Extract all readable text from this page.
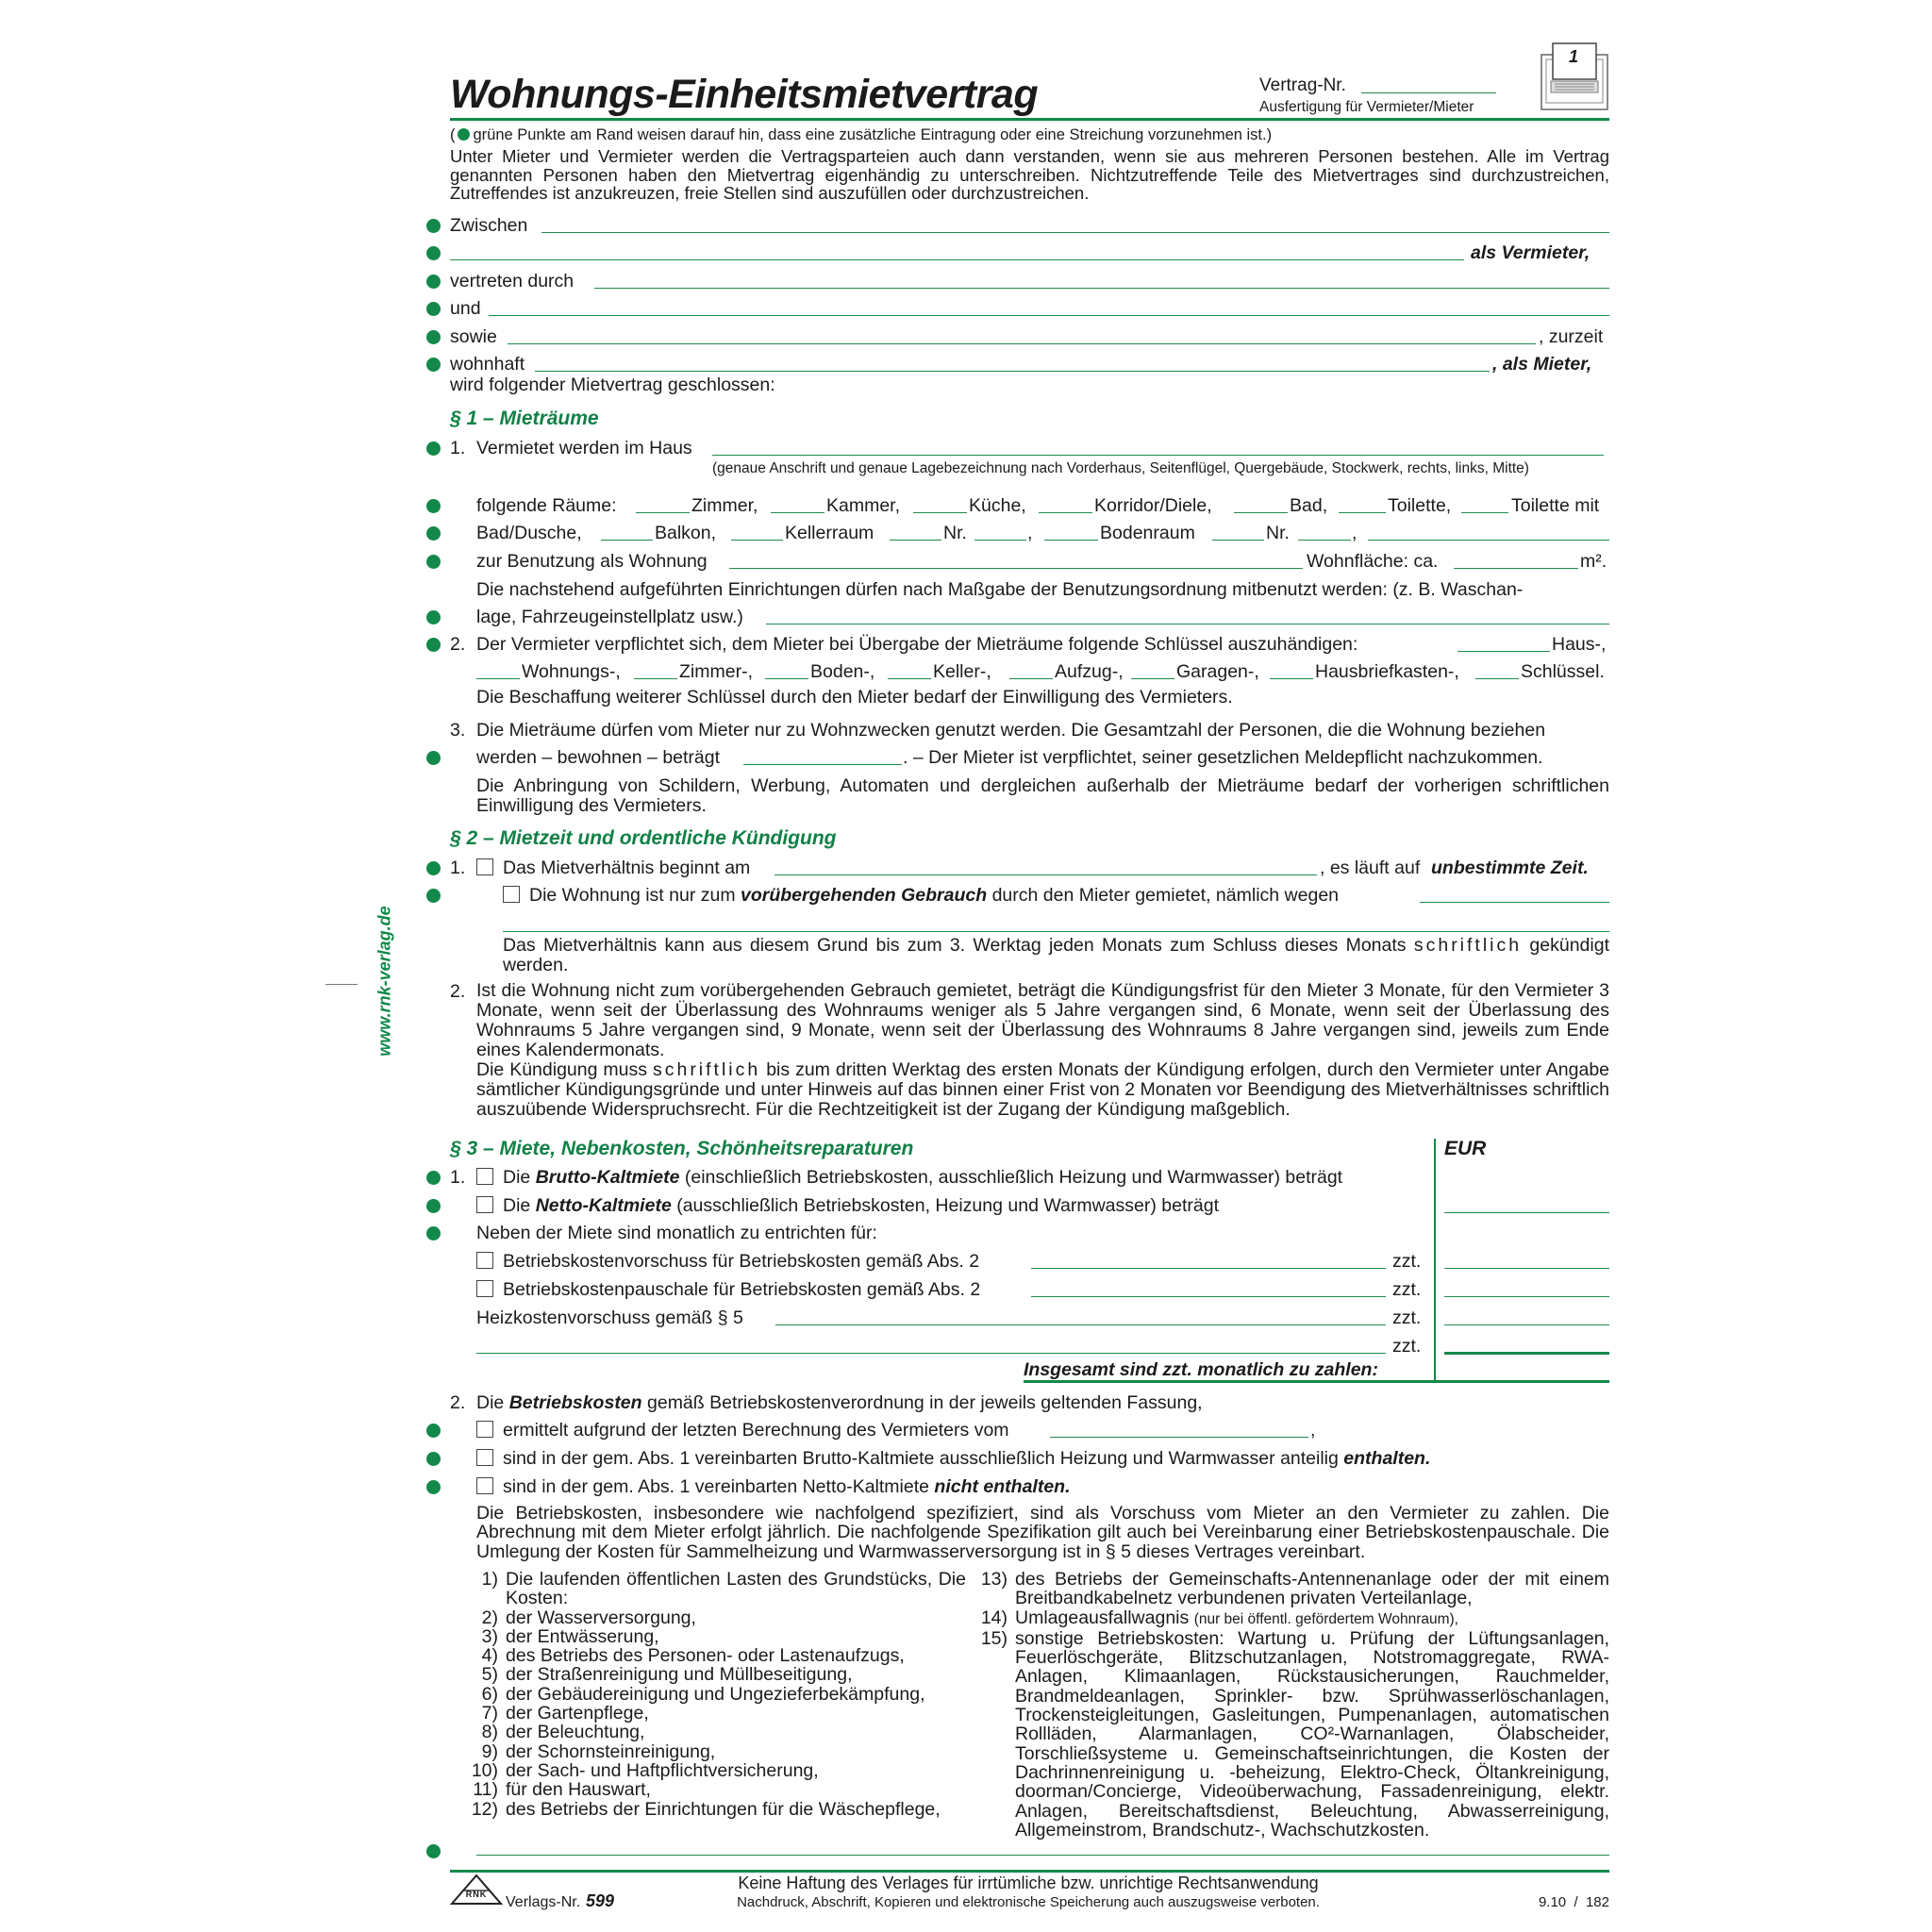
Wohnungs-Einheitsmietvertrag	Vertrag-Nr.
Ausfertigung für Vermieter/Mieter
1
www.rnk-verlag.de
( grüne Punkte am Rand weisen darauf hin, dass eine zusätzliche Eintragung oder eine Streichung vorzunehmen ist.)
Unter Mieter und Vermieter werden die Vertragsparteien auch dann verstanden, wenn sie aus mehreren Personen bestehen. Alle im Vertrag genannten Personen haben den Mietvertrag eigenhändig zu unterschreiben. Nichtzutreffende Teile des Mietvertrages sind durchzustreichen, Zutreffendes ist anzukreuzen, freie Stellen sind auszufüllen oder durchzustreichen.
Zwischen
als Vermieter,
vertreten durch
und
sowie	, zurzeit
wohnhaft	, als Mieter,
wird folgender Mietvertrag geschlossen:
§ 1 – Mieträume
1. Vermietet werden im Haus
(genaue Anschrift und genaue Lagebezeichnung nach Vorderhaus, Seitenflügel, Quergebäude, Stockwerk, rechts, links, Mitte)
folgende Räume:	Zimmer,	Kammer,	Küche,	Korridor/Diele,	Bad,	Toilette,	Toilette mit
Bad/Dusche,	Balkon,	Kellerraum	Nr.	,	Bodenraum	Nr.	,
zur Benutzung als Wohnung	Wohnfläche: ca.	m².
Die nachstehend aufgeführten Einrichtungen dürfen nach Maßgabe der Benutzungsordnung mitbenutzt werden: (z. B. Waschan-
lage, Fahrzeugeinstellplatz usw.)
2. Der Vermieter verpflichtet sich, dem Mieter bei Übergabe der Mieträume folgende Schlüssel auszuhändigen:	Haus-,
Wohnungs-,	Zimmer-,	Boden-,	Keller-,	Aufzug-,	Garagen-,	Hausbriefkasten-,	Schlüssel.
Die Beschaffung weiterer Schlüssel durch den Mieter bedarf der Einwilligung des Vermieters.
3. Die Mieträume dürfen vom Mieter nur zu Wohnzwecken genutzt werden. Die Gesamtzahl der Personen, die die Wohnung beziehen
werden – bewohnen – beträgt	. – Der Mieter ist verpflichtet, seiner gesetzlichen Meldepflicht nachzukommen.
Die Anbringung von Schildern, Werbung, Automaten und dergleichen außerhalb der Mieträume bedarf der vorherigen schriftlichen Einwilligung des Vermieters.
§ 2 – Mietzeit und ordentliche Kündigung
1. Das Mietverhältnis beginnt am	, es läuft auf unbestimmte Zeit.
Die Wohnung ist nur zum vorübergehenden Gebrauch durch den Mieter gemietet, nämlich wegen
Das Mietverhältnis kann aus diesem Grund bis zum 3. Werktag jeden Monats zum Schluss dieses Monats schriftlich gekündigt werden.
2. Ist die Wohnung nicht zum vorübergehenden Gebrauch gemietet, beträgt die Kündigungsfrist für den Mieter 3 Monate, für den Vermieter 3 Monate, wenn seit der Überlassung des Wohnraums weniger als 5 Jahre vergangen sind, 6 Monate, wenn seit der Überlassung des Wohnraums 5 Jahre vergangen sind, 9 Monate, wenn seit der Überlassung des Wohnraums 8 Jahre vergangen sind, jeweils zum Ende eines Kalendermonats.
Die Kündigung muss schriftlich bis zum dritten Werktag des ersten Monats der Kündigung erfolgen, durch den Vermieter unter Angabe sämtlicher Kündigungsgründe und unter Hinweis auf das binnen einer Frist von 2 Monaten vor Beendigung des Mietverhältnisses schriftlich auszuübende Widerspruchsrecht. Für die Rechtzeitigkeit ist der Zugang der Kündigung maßgeblich.
§ 3 – Miete, Nebenkosten, Schönheitsreparaturen	EUR
1. Die Brutto-Kaltmiete (einschließlich Betriebskosten, ausschließlich Heizung und Warmwasser) beträgt
Die Netto-Kaltmiete (ausschließlich Betriebskosten, Heizung und Warmwasser) beträgt
Neben der Miete sind monatlich zu entrichten für:
Betriebskostenvorschuss für Betriebskosten gemäß Abs. 2	zzt.
Betriebskostenpauschale für Betriebskosten gemäß Abs. 2	zzt.
Heizkostenvorschuss gemäß § 5	zzt.
zzt.
Insgesamt sind zzt. monatlich zu zahlen:
2. Die Betriebskosten gemäß Betriebskostenverordnung in der jeweils geltenden Fassung,
ermittelt aufgrund der letzten Berechnung des Vermieters vom	,
sind in der gem. Abs. 1 vereinbarten Brutto-Kaltmiete ausschließlich Heizung und Warmwasser anteilig enthalten.
sind in der gem. Abs. 1 vereinbarten Netto-Kaltmiete nicht enthalten.
Die Betriebskosten, insbesondere wie nachfolgend spezifiziert, sind als Vorschuss vom Mieter an den Vermieter zu zahlen. Die Abrechnung mit dem Mieter erfolgt jährlich. Die nachfolgende Spezifikation gilt auch bei Vereinbarung einer Betriebskostenpauschale. Die Umlegung der Kosten für Sammelheizung und Warmwasserversorgung ist in § 5 dieses Vertrages vereinbart.
1) Die laufenden öffentlichen Lasten des Grundstücks, Die Kosten:
2) der Wasserversorgung,
3) der Entwässerung,
4) des Betriebs des Personen- oder Lastenaufzugs,
5) der Straßenreinigung und Müllbeseitigung,
6) der Gebäudereinigung und Ungezieferbekämpfung,
7) der Gartenpflege,
8) der Beleuchtung,
9) der Schornsteinreinigung,
10) der Sach- und Haftpflichtversicherung,
11) für den Hauswart,
12) des Betriebs der Einrichtungen für die Wäschepflege,
13) des Betriebs der Gemeinschafts-Antennenanlage oder der mit einem Breitbandkabelnetz verbundenen privaten Verteilanlage,
14) Umlageausfallwagnis (nur bei öffentl. gefördertem Wohnraum),
15) sonstige Betriebskosten: Wartung u. Prüfung der Lüftungsanlagen, Feuerlöschgeräte, Blitzschutzanlagen, Notstromaggregate, RWA-Anlagen, Klimaanlagen, Rückstausicherungen, Rauchmelder, Brandmeldeanlagen, Sprinkler- bzw. Sprühwasserlöschanlagen, Trockensteigleitungen, Gasleitungen, Pumpenanlagen, automatischen Rollläden, Alarmanlagen, CO²-Warnanlagen, Ölabscheider, Torschließsysteme u. Gemeinschaftseinrichtungen, die Kosten der Dachrinnenreinigung u. -beheizung, Elektro-Check, Öltankreinigung, doorman/Concierge, Videoüberwachung, Fassadenreinigung, elektr. Anlagen, Bereitschaftsdienst, Beleuchtung, Abwasserreinigung, Allgemeinstrom, Brandschutz-, Wachschutzkosten.
RNK Verlags-Nr. 599
Keine Haftung des Verlages für irrtümliche bzw. unrichtige Rechtsanwendung
Nachdruck, Abschrift, Kopieren und elektronische Speicherung auch auszugsweise verboten.	9.10  /  182
